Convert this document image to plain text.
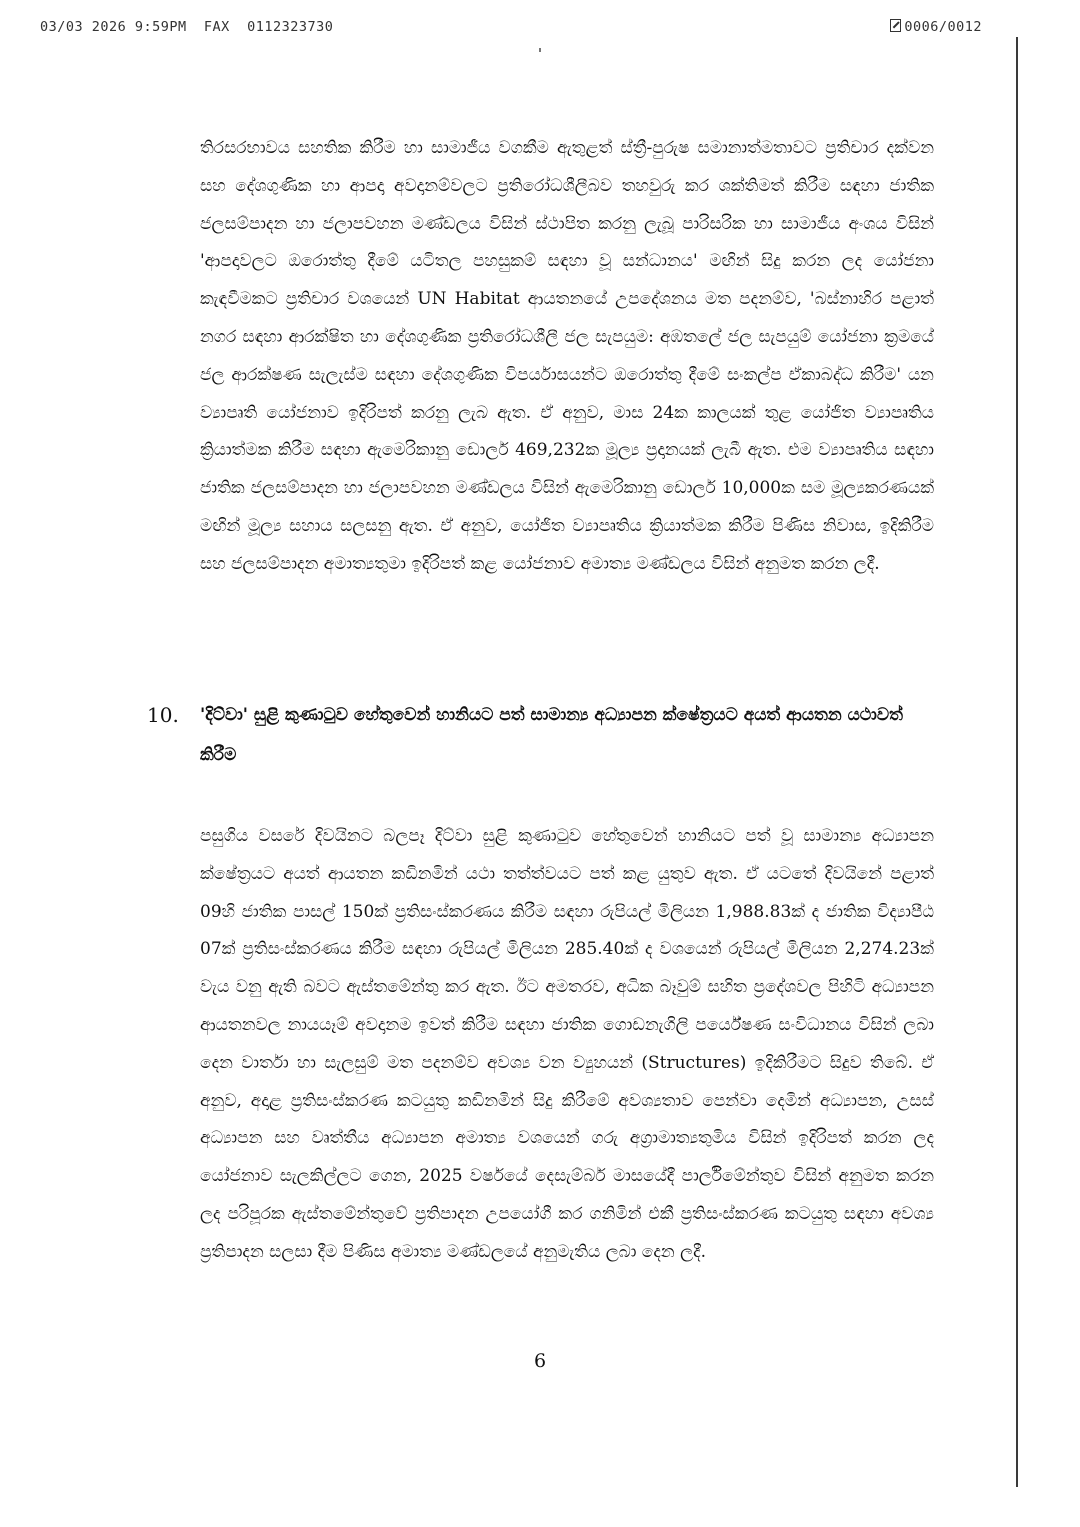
03/03 2026 9:59PM  FAX  0112323730	0006/0012

තිරසරභාවය සහතික කිරීම හා සාමාජීය වගකීම ඇතුළත් ස්ත්‍රී-පුරුෂ සමානාත්මතාවට ප්‍රතිචාර දක්වන සහ දේශගුණික හා ආපදා අවදානම්වලට ප්‍රතිරෝධශීලීබව තහවුරු කර ශක්තිමත් කිරීම සඳහා ජාතික ජලසම්පාදන හා ජලාපවහන මණ්ඩලය විසින් ස්ථාපිත කරනු ලැබූ පාරිසරික හා සාමාජීය අංශය විසින් 'ආපදාවලට ඔරොත්තු දීමේ යටිතල පහසුකම් සඳහා වූ සන්ධානය' මඟින් සිදු කරන ලද යෝජනා කැඳවීමකට ප්‍රතිචාර වශයෙන් UN Habitat ආයතනයේ උපදේශනය මත පදනම්ව, 'බස්නාහිර පළාත් නගර සඳහා ආරක්ෂිත හා දේශගුණික ප්‍රතිරෝධශීලී ජල සැපයුම: අඹතලේ ජල සැපයුම් යෝජනා ක්‍රමයේ ජල ආරක්ෂණ සැලැස්ම සඳහා දේශගුණික විපර්යාසයන්ට ඔරොත්තු දීමේ සංකල්ප ඒකාබද්ධ කිරීම' යන ව්‍යාපෘති යෝජනාව ඉදිරිපත් කරනු ලැබ ඇත. ඒ අනුව, මාස 24ක කාලයක් තුළ යෝජිත ව්‍යාපෘතිය ක්‍රියාත්මක කිරීම සඳහා ඇමෙරිකානු ඩොලර් 469,232ක මූල්‍ය ප්‍රදානයක් ලැබී ඇත. එම ව්‍යාපෘතිය සඳහා ජාතික ජලසම්පාදන හා ජලාපවහන මණ්ඩලය විසින් ඇමෙරිකානු ඩොලර් 10,000ක සම මූල්‍යකරණයක් මඟින් මූල්‍ය සහාය සලසනු ඇත. ඒ අනුව, යෝජිත ව්‍යාපෘතිය ක්‍රියාත්මක කිරීම පිණිස නිවාස, ඉදිකිරීම සහ ජලසම්පාදන අමාත්‍යතුමා ඉදිරිපත් කළ යෝජනාව අමාත්‍ය මණ්ඩලය විසින් අනුමත කරන ලදී.

10. 'දිට්වා' සුළි කුණාටුව හේතුවෙන් හානියට පත් සාමාන්‍ය අධ්‍යාපන ක්ෂේත්‍රයට අයත් ආයතන යථාවත් කිරීම

පසුගිය වසරේ දිවයිනට බලපෑ දිට්වා සුළි කුණාටුව හේතුවෙන් හානියට පත් වූ සාමාන්‍ය අධ්‍යාපන ක්ෂේත්‍රයට අයත් ආයතන කඩිනමින් යථා තත්ත්වයට පත් කළ යුතුව ඇත. ඒ යටතේ දිවයිනේ පළාත් 09හි ජාතික පාසල් 150ක් ප්‍රතිසංස්කරණය කිරීම සඳහා රුපියල් මිලියන 1,988.83ක් ද ජාතික විද්‍යාපීඨ 07ක් ප්‍රතිසංස්කරණය කිරීම සඳහා රුපියල් මිලියන 285.40ක් ද වශයෙන් රුපියල් මිලියන 2,274.23ක් වැය වනු ඇති බවට ඇස්තමේන්තු කර ඇත. ඊට අමතරව, අධික බෑවුම් සහිත ප්‍රදේශවල පිහිටි අධ්‍යාපන ආයතනවල නායයෑම් අවදානම ඉවත් කිරීම සඳහා ජාතික ගොඩනැගිලි පර්යේෂණ සංවිධානය විසින් ලබා දෙන වාර්තා හා සැලසුම් මත පදනම්ව අවශ්‍ය වන ව්‍යුහයන් (Structures) ඉදිකිරීමට සිදුව තිබේ. ඒ අනුව, අදාළ ප්‍රතිසංස්කරණ කටයුතු කඩිනමින් සිදු කිරීමේ අවශ්‍යතාව පෙන්වා දෙමින් අධ්‍යාපන, උසස් අධ්‍යාපන සහ වෘත්තීය අධ්‍යාපන අමාත්‍ය වශයෙන් ගරු අග්‍රාමාත්‍යතුමිය විසින් ඉදිරිපත් කරන ලද යෝජනාව සැලකිල්ලට ගෙන, 2025 වර්ෂයේ දෙසැම්බර් මාසයේදී පාර්ලිමේන්තුව විසින් අනුමත කරන ලද පරිපූරක ඇස්තමේන්තුවේ ප්‍රතිපාදන උපයෝගී කර ගනිමින් එකී ප්‍රතිසංස්කරණ කටයුතු සඳහා අවශ්‍ය ප්‍රතිපාදන සලසා දීම පිණිස අමාත්‍ය මණ්ඩලයේ අනුමැතිය ලබා දෙන ලදී.

6
